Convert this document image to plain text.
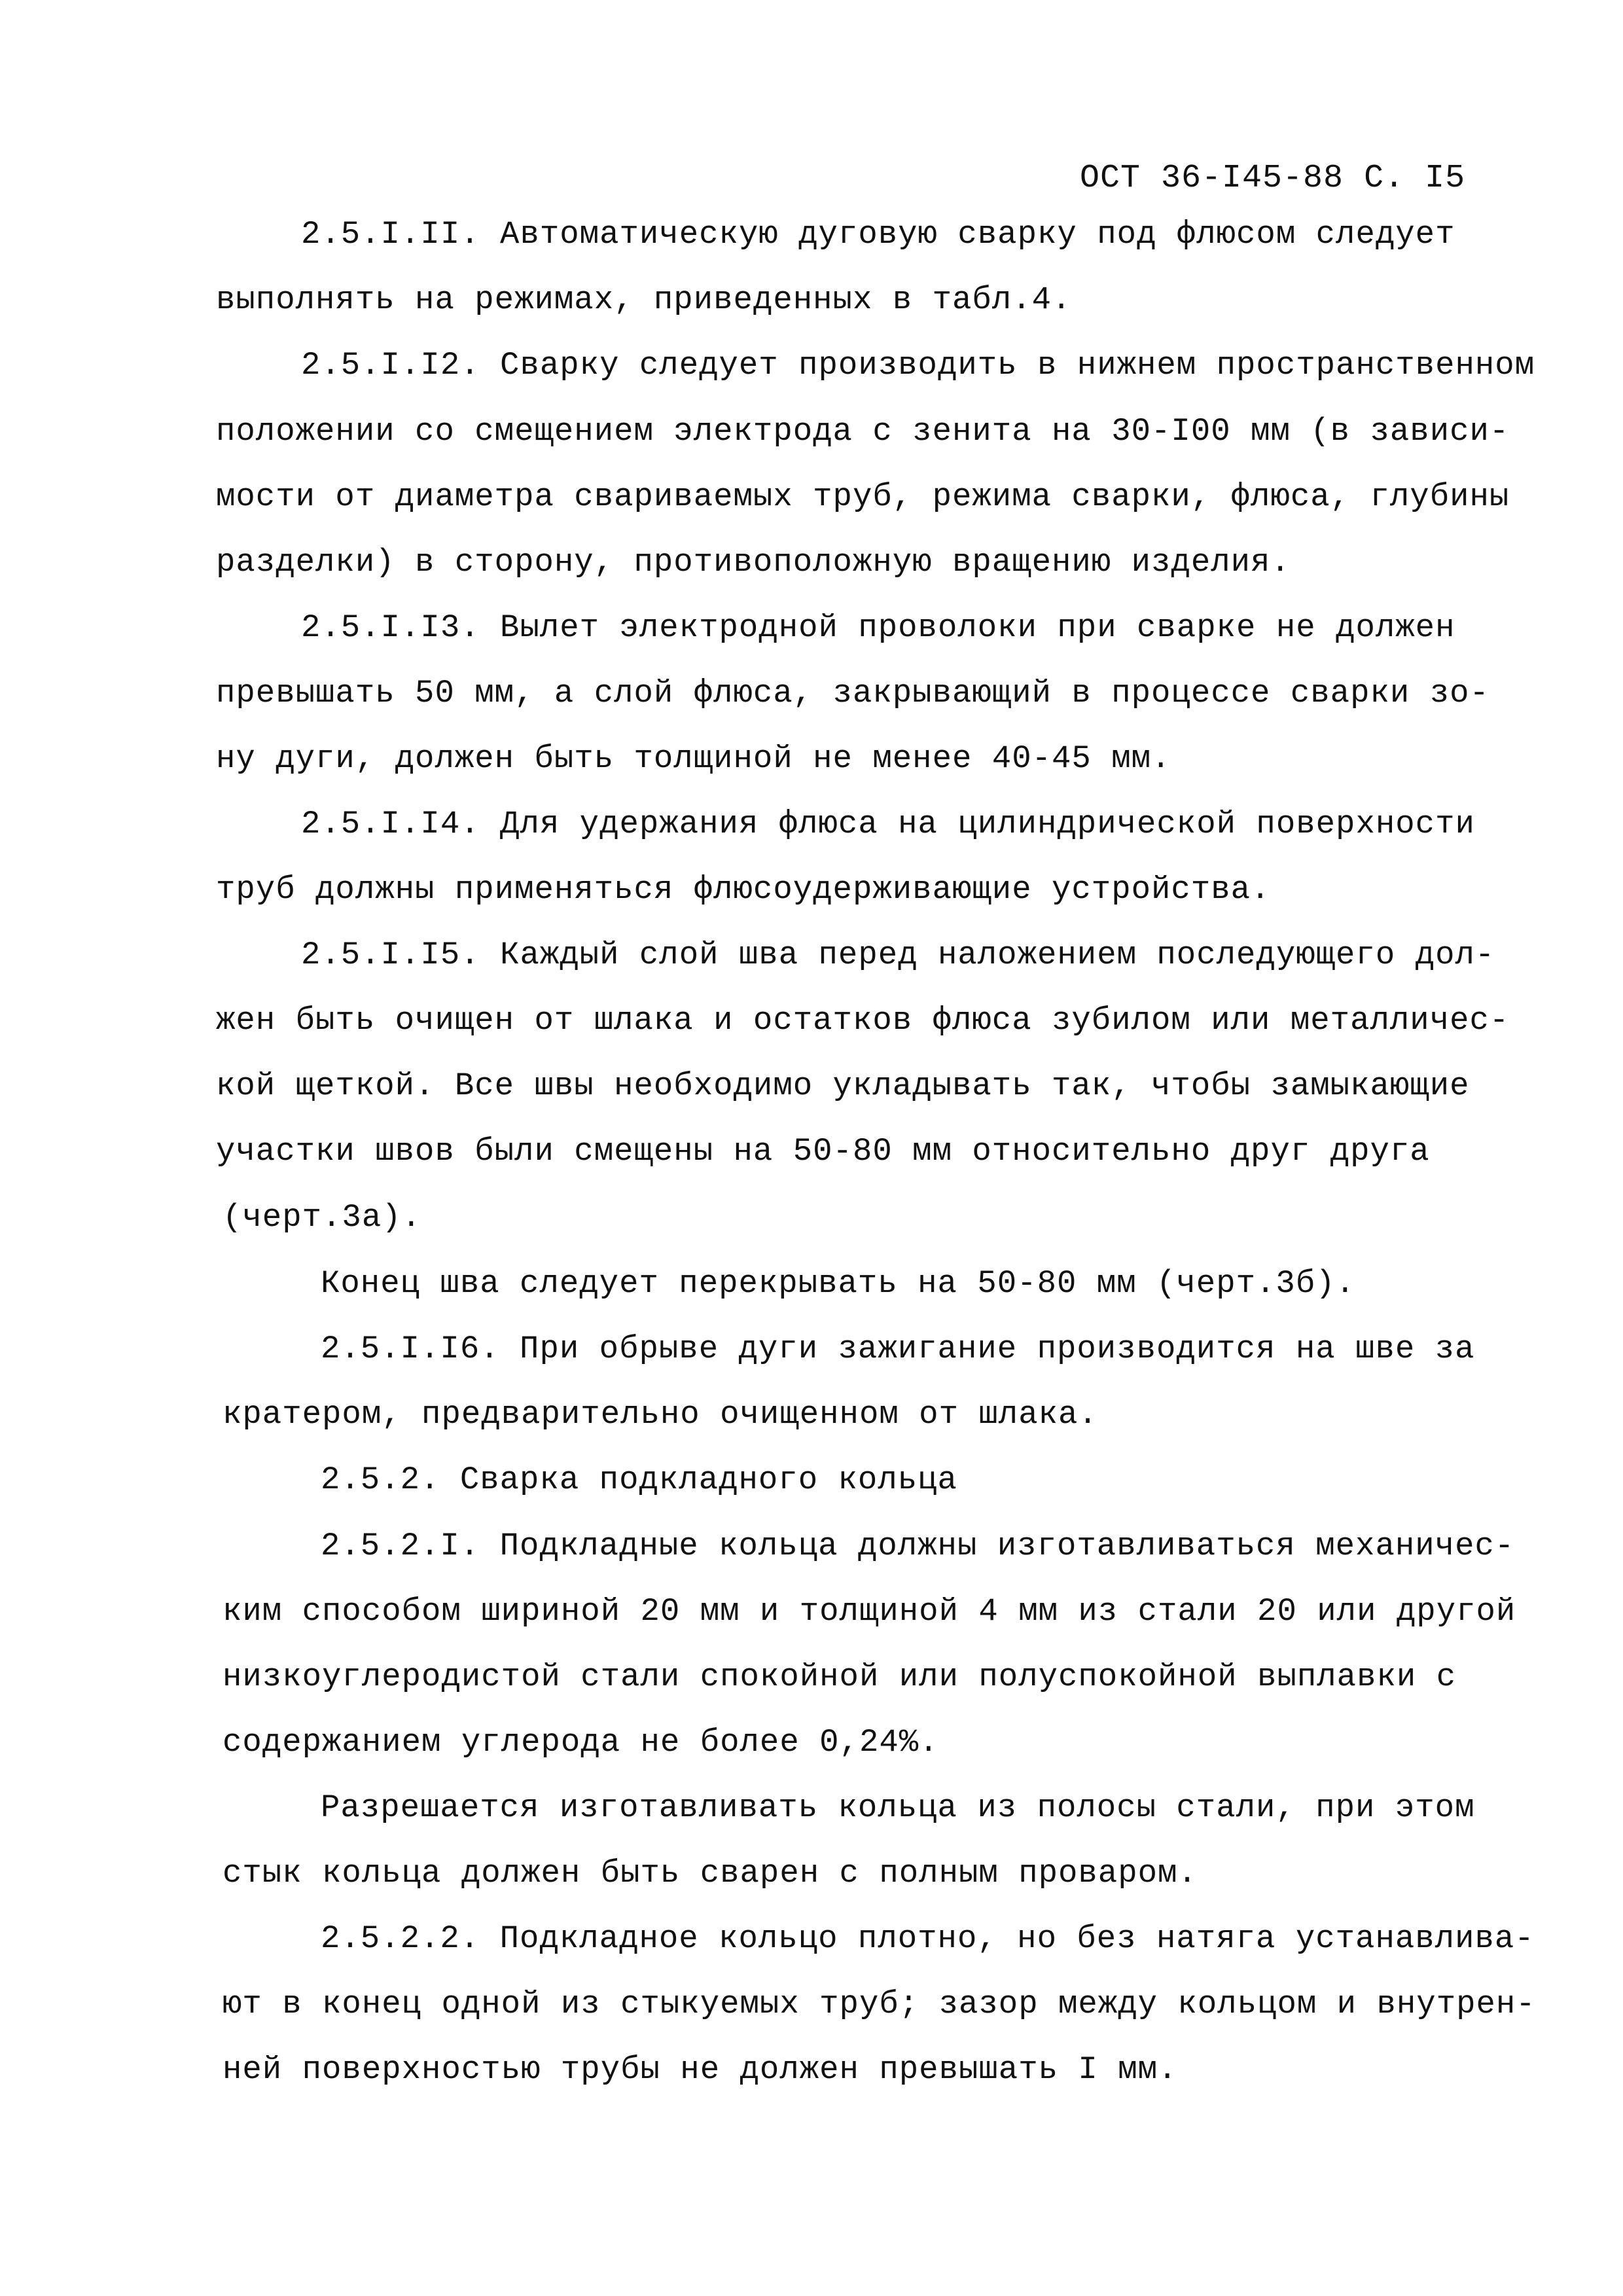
ОСТ 36-I45-88 С. I5
2.5.I.II. Автоматическую дуговую сварку под флюсом следует
выполнять на режимах, приведенных в табл.4.
2.5.I.I2. Сварку следует производить в нижнем пространственном
положении со смещением электрода с зенита на 30-I00 мм (в зависи-
мости от диаметра свариваемых труб, режима сварки, флюса, глубины
разделки) в сторону, противоположную вращению изделия.
2.5.I.I3. Вылет электродной проволоки при сварке не должен
превышать 50 мм, а слой флюса, закрывающий в процессе сварки зо-
ну дуги, должен быть толщиной не менее 40-45 мм.
2.5.I.I4. Для удержания флюса на цилиндрической поверхности
труб должны применяться флюсоудерживающие устройства.
2.5.I.I5. Каждый слой шва перед наложением последующего дол-
жен быть очищен от шлака и остатков флюса зубилом или металличес-
кой щеткой. Все швы необходимо укладывать так, чтобы замыкающие
участки швов были смещены на 50-80 мм относительно друг друга
(черт.3а).
Конец шва следует перекрывать на 50-80 мм (черт.3б).
2.5.I.I6. При обрыве дуги зажигание производится на шве за
кратером, предварительно очищенном от шлака.
2.5.2. Сварка подкладного кольца
2.5.2.I. Подкладные кольца должны изготавливаться механичес-
ким способом шириной 20 мм и толщиной 4 мм из стали 20 или другой
низкоуглеродистой стали спокойной или полуспокойной выплавки с
содержанием углерода не более 0,24%.
Разрешается изготавливать кольца из полосы стали, при этом
стык кольца должен быть сварен с полным проваром.
2.5.2.2. Подкладное кольцо плотно, но без натяга устанавлива-
ют в конец одной из стыкуемых труб; зазор между кольцом и внутрен-
ней поверхностью трубы не должен превышать I мм.
